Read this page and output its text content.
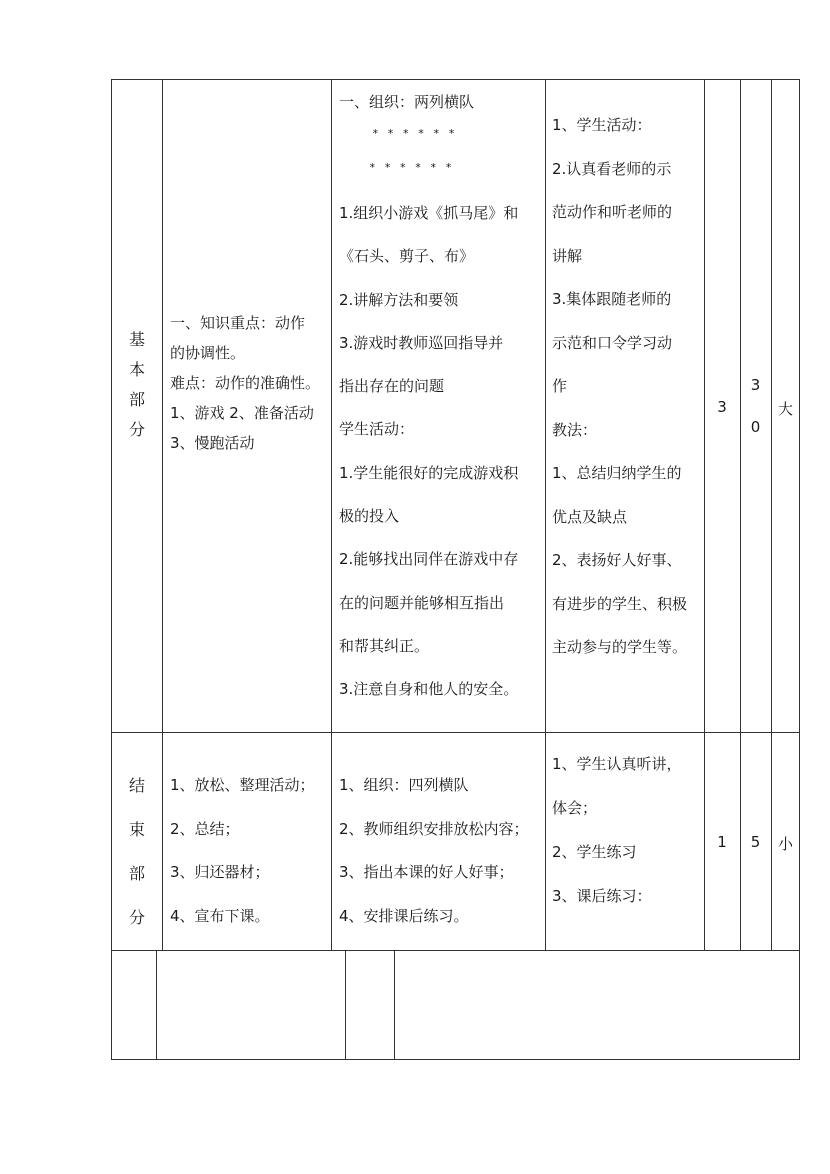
基
本
部
分
一、知识重点：动作
的协调性。
难点：动作的准确性。
1、游戏 2、准备活动
3、慢跑活动
一、组织：两列横队
* * * * * *
* * * * * *
1.组织小游戏《抓马尾》和
《石头、剪子、布》
2.讲解方法和要领
3.游戏时教师巡回指导并
指出存在的问题
学生活动：
1.学生能很好的完成游戏积
极的投入
2.能够找出同伴在游戏中存
在的问题并能够相互指出
和帮其纠正。
3.注意自身和他人的安全。
1、学生活动：
2.认真看老师的示
范动作和听老师的
讲解
3.集体跟随老师的
示范和口令学习动
作
教法：
1、总结归纳学生的
优点及缺点
2、表扬好人好事、
有进步的学生、积极
主动参与的学生等。
3
3
0
大
结
束
部
分
1、放松、整理活动；
2、总结；
3、归还器材；
4、宣布下课。
1、组织：四列横队
2、教师组织安排放松内容；
3、指出本课的好人好事；
4、安排课后练习。
1、学生认真听讲，
体会；
2、学生练习
3、课后练习：
1	5	小
